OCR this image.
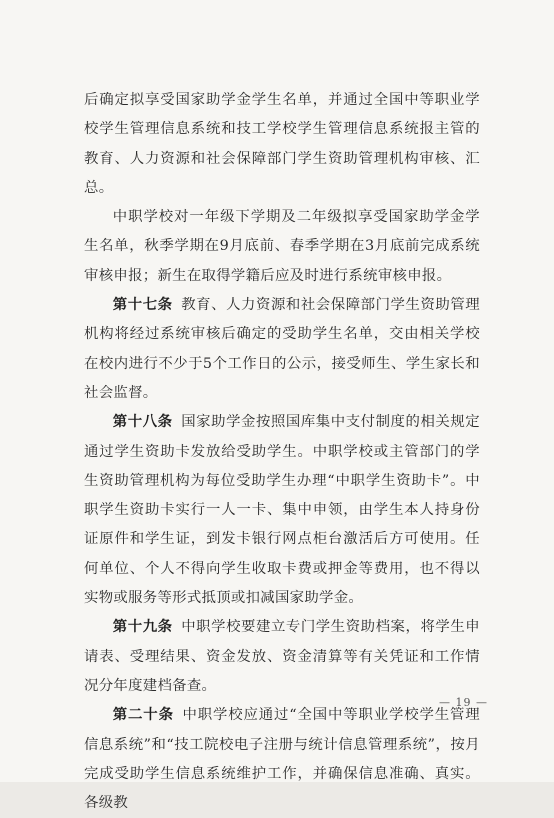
后确定拟享受国家助学金学生名单，并通过全国中等职业学校学生管理信息系统和技工学校学生管理信息系统报主管的教育、人力资源和社会保障部门学生资助管理机构审核、汇总。

中职学校对一年级下学期及二年级拟享受国家助学金学生名单，秋季学期在9月底前、春季学期在3月底前完成系统审核申报；新生在取得学籍后应及时进行系统审核申报。

第十七条 教育、人力资源和社会保障部门学生资助管理机构将经过系统审核后确定的受助学生名单，交由相关学校在校内进行不少于5个工作日的公示，接受师生、学生家长和社会监督。

第十八条 国家助学金按照国库集中支付制度的相关规定通过学生资助卡发放给受助学生。中职学校或主管部门的学生资助管理机构为每位受助学生办理“中职学生资助卡”。中职学生资助卡实行一人一卡、集中申领，由学生本人持身份证原件和学生证，到发卡银行网点柜台激活后方可使用。任何单位、个人不得向学生收取卡费或押金等费用，也不得以实物或服务等形式抵顶或扣减国家助学金。

第十九条 中职学校要建立专门学生资助档案，将学生申请表、受理结果、资金发放、资金清算等有关凭证和工作情况分年度建档备查。

第二十条 中职学校应通过“全国中等职业学校学生管理信息系统”和“技工院校电子注册与统计信息管理系统”，按月完成受助学生信息系统维护工作，并确保信息准确、真实。各级教

— 19 —
